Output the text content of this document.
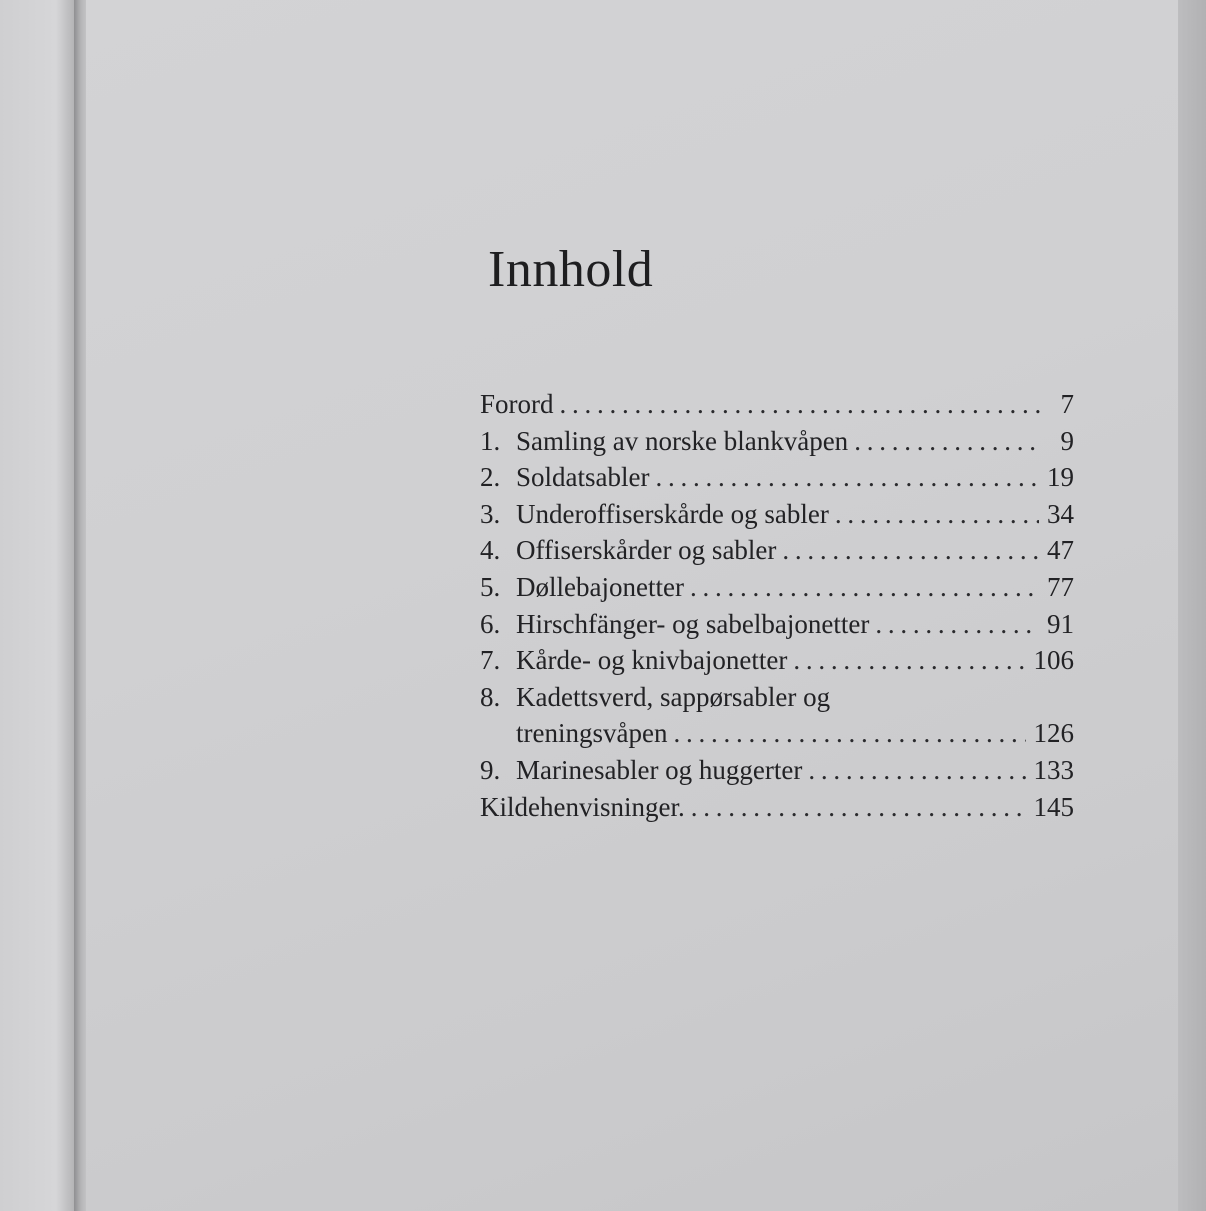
Innhold
Forord . . .	7
1. Samling av norske blankvåpen . . .	9
2. Soldatsabler . . .	19
3. Underoffiserskårde og sabler . . .	34
4. Offiserskårder og sabler . . .	47
5. Døllebajonetter . . .	77
6. Hirschfänger- og sabelbajonetter . . .	91
7. Kårde- og knivbajonetter . . .	106
8. Kadettsverd, sappørsabler og
treningsvåpen . . .	126
9. Marinesabler og huggerter . . .	133
Kildehenvisninger. . . .	145
